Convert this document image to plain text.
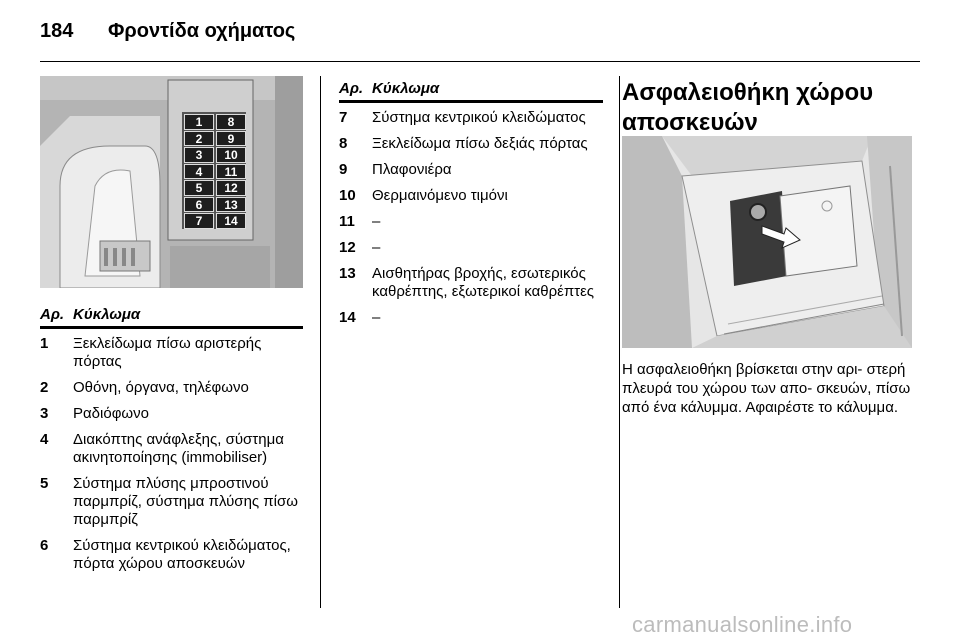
184 Φροντίδα οχήματος
1	8
2	9
3	10
4	11
5	12
6	13
7	14
Αρ. Κύκλωμα
1	Ξεκλείδωμα πίσω αριστερής πόρτας
2	Οθόνη, όργανα, τηλέφωνο
3	Ραδιόφωνο
4	Διακόπτης ανάφλεξης, σύστημα ακινητοποίησης (immobiliser)
5	Σύστημα πλύσης μπροστινού παρμπρίζ, σύστημα πλύσης πίσω παρμπρίζ
6	Σύστημα κεντρικού κλειδώματος, πόρτα χώρου αποσκευών
Αρ. Κύκλωμα
7	Σύστημα κεντρικού κλειδώματος
8	Ξεκλείδωμα πίσω δεξιάς πόρτας
9	Πλαφονιέρα
10	Θερμαινόμενο τιμόνι
11	–
12	–
13	Αισθητήρας βροχής, εσωτερικός καθρέπτης, εξωτερικοί καθρέπτες
14	–
Ασφαλειοθήκη χώρου αποσκευών
Η ασφαλειοθήκη βρίσκεται στην αρι- στερή πλευρά του χώρου των απο- σκευών, πίσω από ένα κάλυμμα. Αφαιρέστε το κάλυμμα.
carmanualsonline.info
